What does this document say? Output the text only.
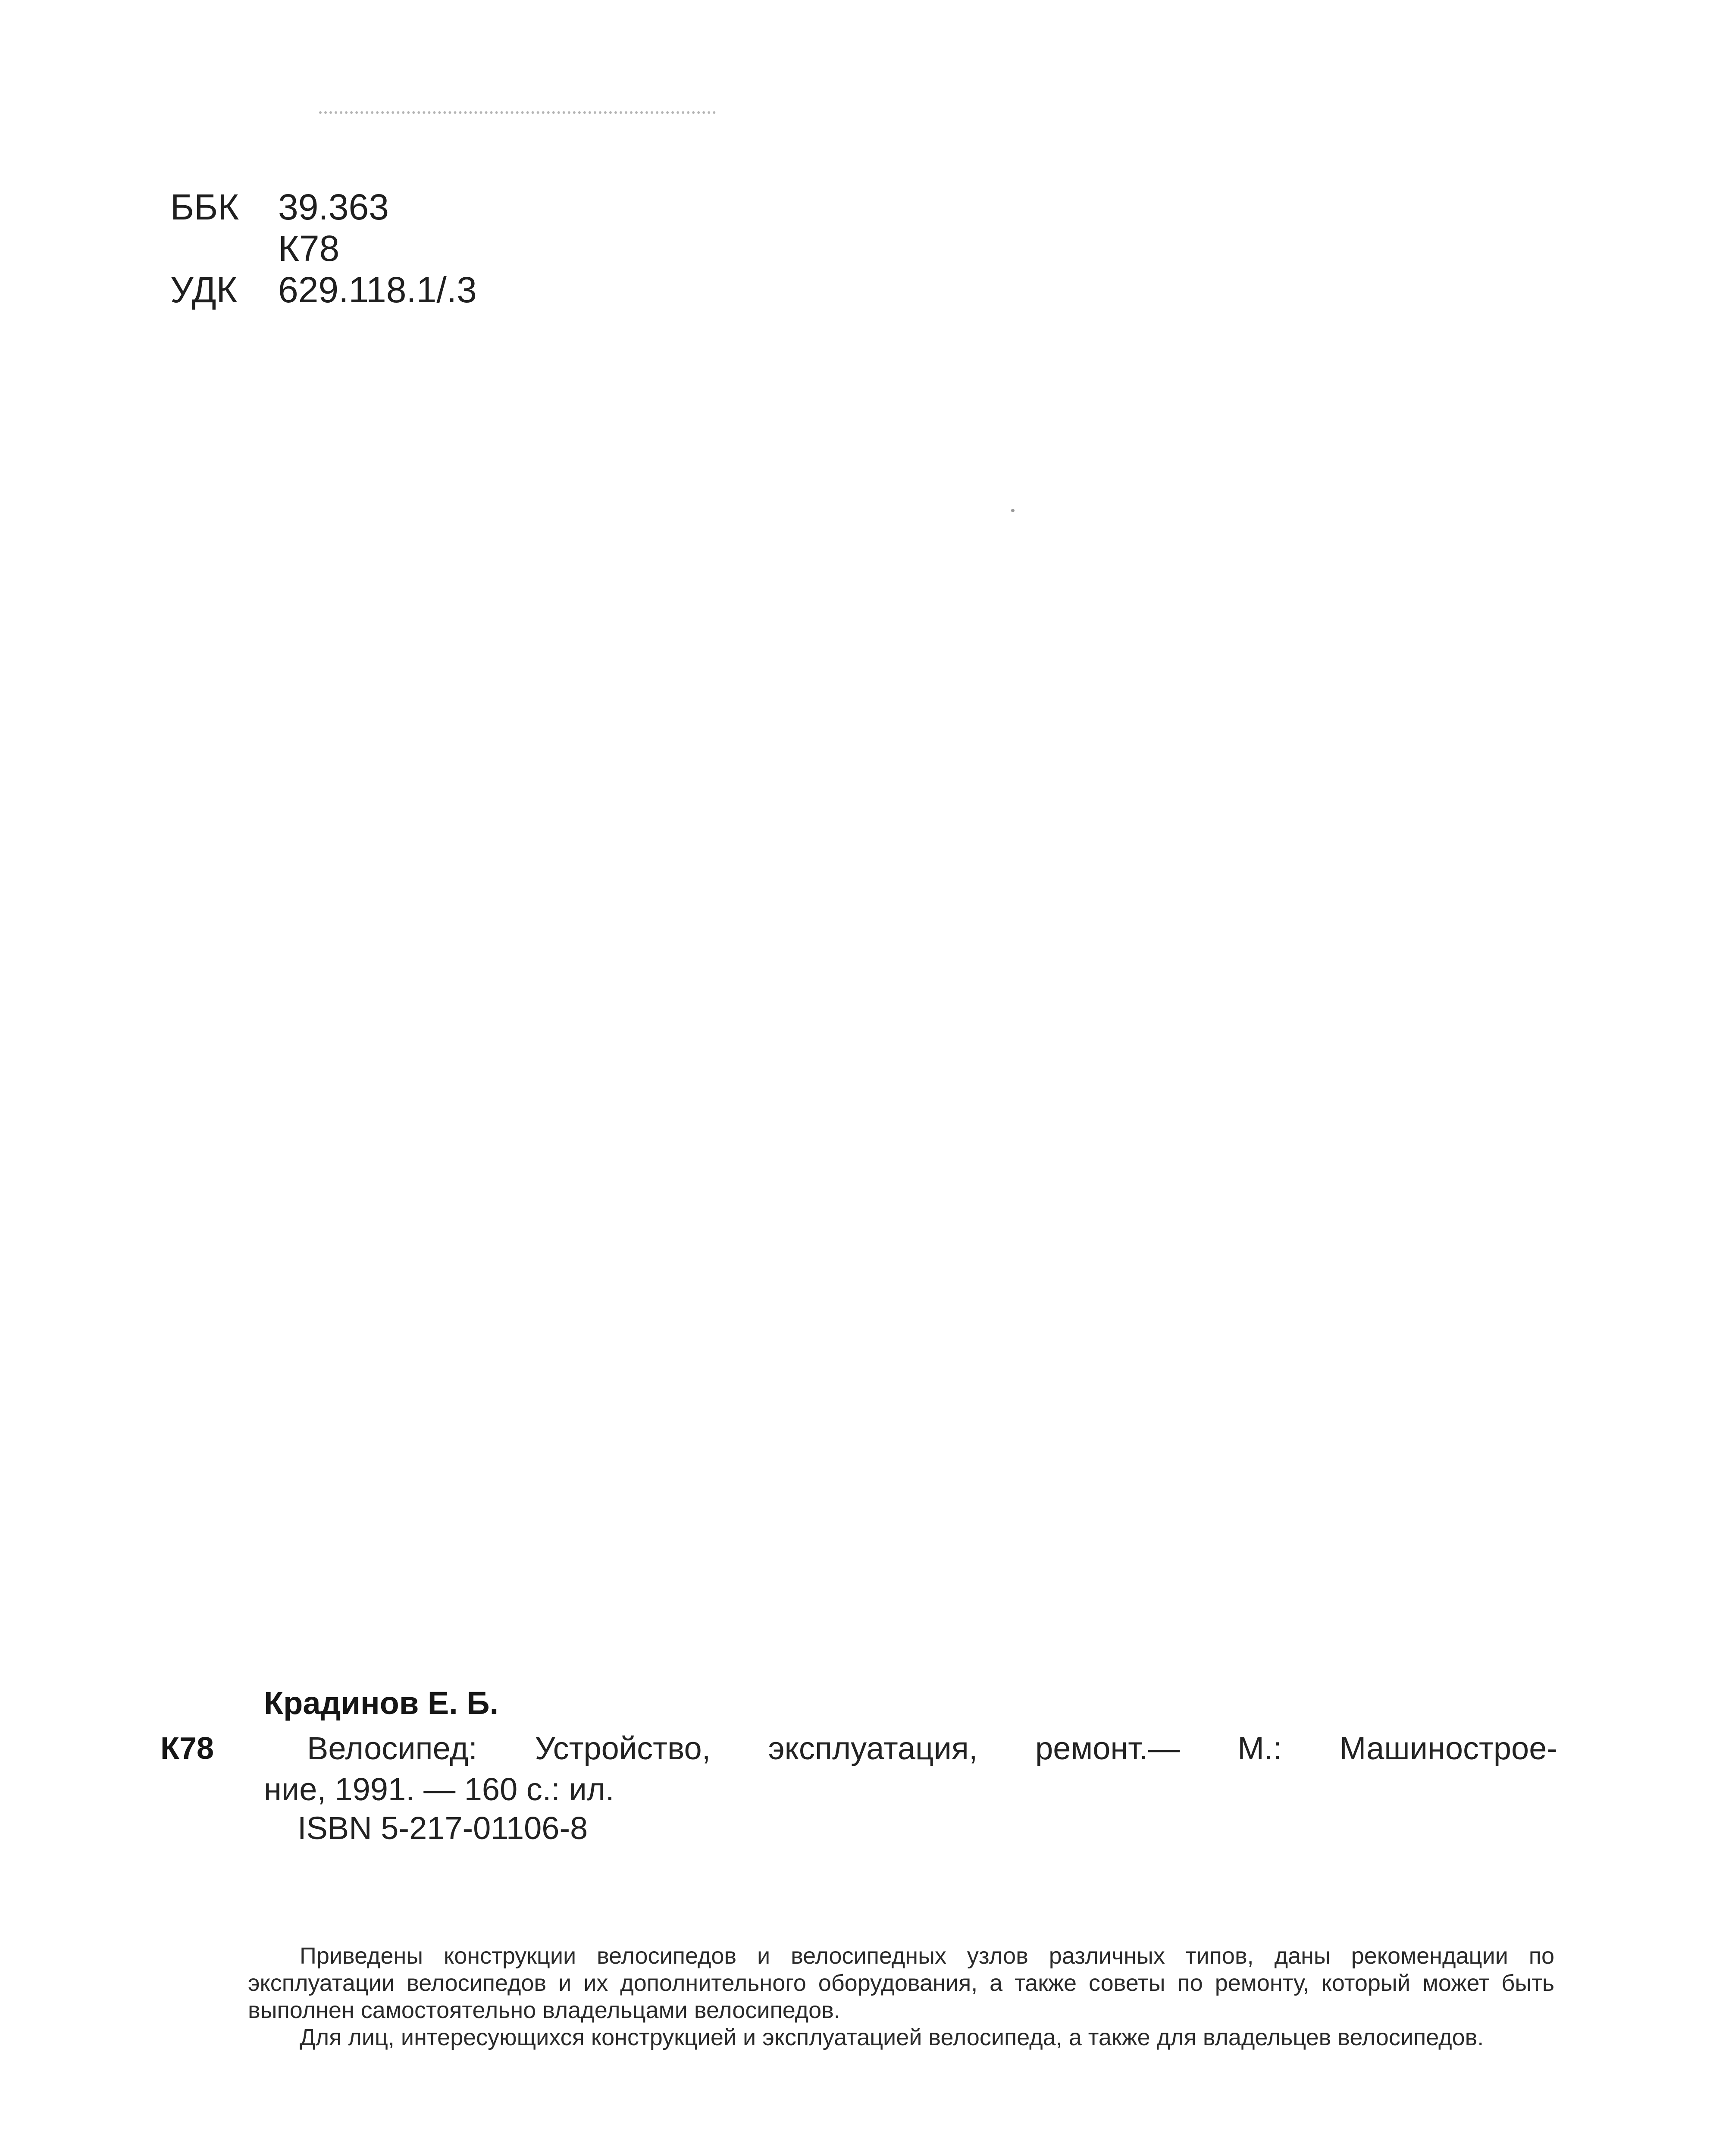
ББК 39.363
К78
УДК 629.118.1/.3
Крадинов Е. Б.
К78	Велосипед: Устройство, эксплуатация, ремонт.— М.: Машинострое-
ние, 1991. — 160 с.: ил.
ISBN 5-217-01106-8

Приведены конструкции велосипедов и велосипедных узлов различных типов, даны рекомендации по эксплуатации велосипедов и их дополнительного оборудования, а также советы по ремонту, который может быть выполнен самостоятельно владельцами велосипедов.

Для лиц, интересующихся конструкцией и эксплуатацией велосипеда, а также для владельцев велосипедов.
